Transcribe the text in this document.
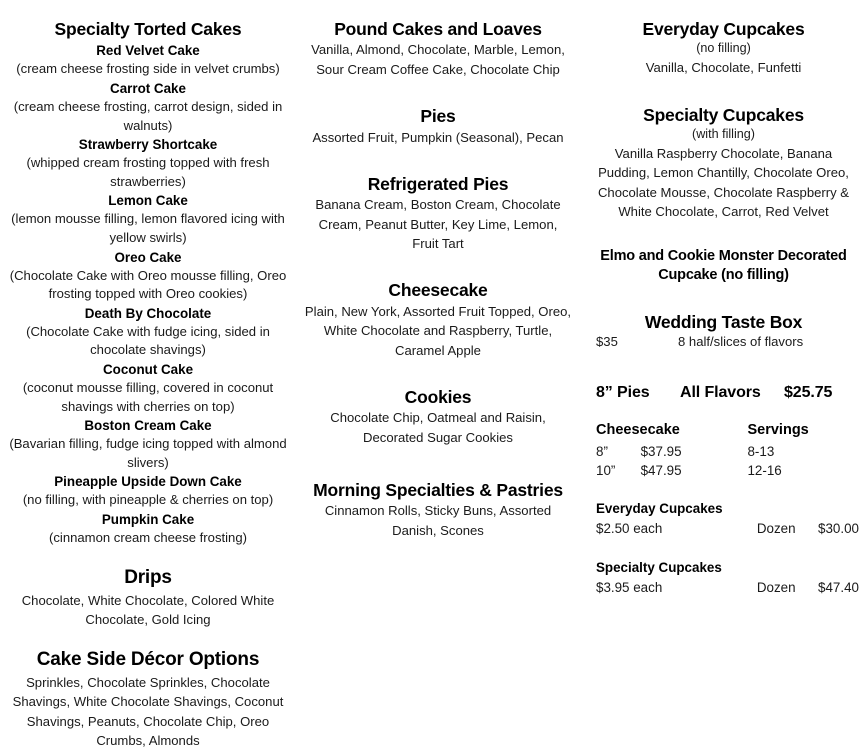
Specialty Torted Cakes
Red Velvet Cake
(cream cheese frosting side in velvet crumbs)
Carrot Cake
(cream cheese frosting, carrot design, sided in walnuts)
Strawberry Shortcake
(whipped cream frosting topped with fresh strawberries)
Lemon Cake
(lemon mousse filling, lemon flavored icing with yellow swirls)
Oreo Cake
(Chocolate Cake with Oreo mousse filling, Oreo frosting topped with Oreo cookies)
Death By Chocolate
(Chocolate Cake with fudge icing, sided in chocolate shavings)
Coconut Cake
(coconut mousse filling, covered in coconut shavings with cherries on top)
Boston Cream Cake
(Bavarian filling, fudge icing topped with almond slivers)
Pineapple Upside Down Cake
(no filling, with pineapple & cherries on top)
Pumpkin Cake
(cinnamon cream cheese frosting)
Drips
Chocolate, White Chocolate, Colored White Chocolate, Gold Icing
Cake Side Décor Options
Sprinkles, Chocolate Sprinkles, Chocolate Shavings, White Chocolate Shavings, Coconut Shavings, Peanuts, Chocolate Chip, Oreo Crumbs, Almonds
Pound Cakes and Loaves
Vanilla, Almond, Chocolate, Marble, Lemon, Sour Cream Coffee Cake, Chocolate Chip
Pies
Assorted Fruit, Pumpkin (Seasonal), Pecan
Refrigerated Pies
Banana Cream, Boston Cream, Chocolate Cream, Peanut Butter, Key Lime, Lemon, Fruit Tart
Cheesecake
Plain, New York, Assorted Fruit Topped, Oreo, White Chocolate and Raspberry, Turtle, Caramel Apple
Cookies
Chocolate Chip, Oatmeal and Raisin, Decorated Sugar Cookies
Morning Specialties & Pastries
Cinnamon Rolls, Sticky Buns, Assorted Danish, Scones
Everyday Cupcakes
(no filling)
Vanilla, Chocolate, Funfetti
Specialty Cupcakes
(with filling)
Vanilla Raspberry Chocolate, Banana Pudding, Lemon Chantilly, Chocolate Oreo, Chocolate Mousse, Chocolate Raspberry & White Chocolate, Carrot, Red Velvet
Elmo and Cookie Monster Decorated Cupcake (no filling)
Wedding Taste Box
$35	8 half/slices of flavors
8” Pies	All Flavors	$25.75
Cheesecake	Servings
8”	$37.95	8-13
10”	$47.95	12-16
Everyday Cupcakes
$2.50 each	Dozen	$30.00
Specialty Cupcakes
$3.95 each	Dozen	$47.40
